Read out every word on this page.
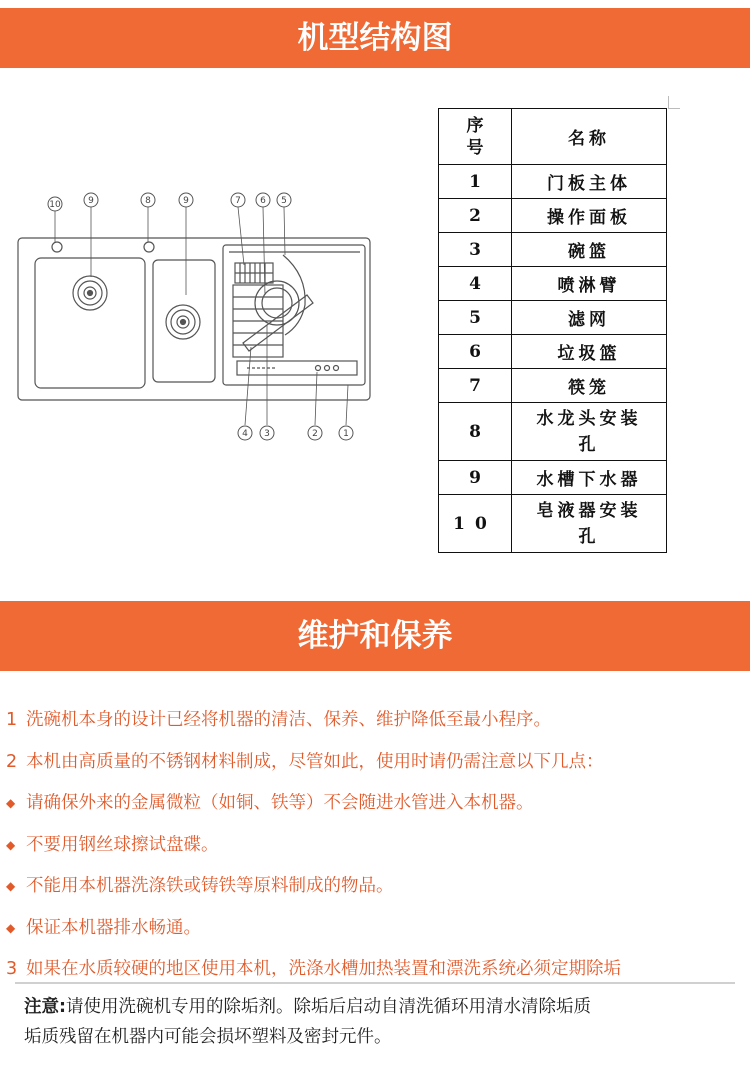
机型结构图
10	9	8	9	7 6 5
4 3	2	1
序
号	名称
1	门板主体
2	操作面板
3	碗篮
4	喷淋臂
5	滤网
6	垃圾篮
7	筷笼
8	水龙头安装
孔
9	水槽下水器
10	皂液器安装
孔
维护和保养
1 洗碗机本身的设计已经将机器的清洁、保养、维护降低至最小程序。
2 本机由高质量的不锈钢材料制成，尽管如此，使用时请仍需注意以下几点：
◆ 请确保外来的金属微粒（如铜、铁等）不会随进水管进入本机器。
◆ 不要用钢丝球擦试盘碟。
◆ 不能用本机器洗涤铁或铸铁等原料制成的物品。
◆ 保证本机器排水畅通。
3 如果在水质较硬的地区使用本机，洗涤水槽加热装置和漂洗系统必须定期除垢
注意:请使用洗碗机专用的除垢剂。除垢后启动自清洗循环用清水清除垢质
垢质残留在机器内可能会损坏塑料及密封元件。
